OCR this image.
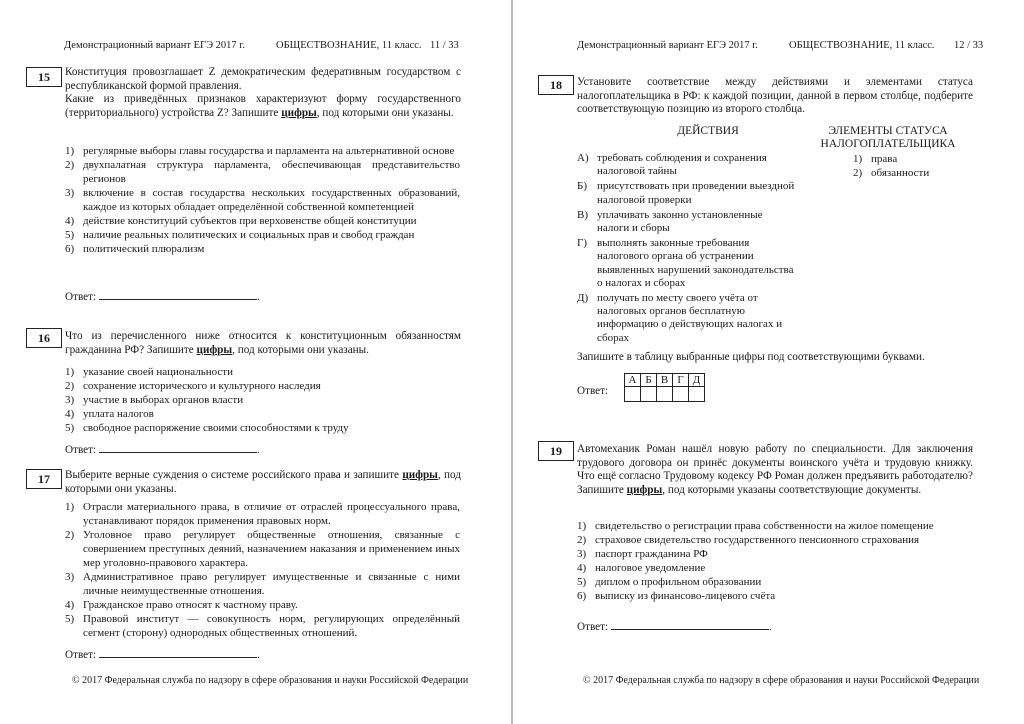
Демонстрационный вариант ЕГЭ 2017 г.	ОБЩЕСТВОЗНАНИЕ, 11 класс. 11 / 33
15	Конституция провозглашает Z демократическим федеративным государством с республиканской формой правления.
Какие из приведённых признаков характеризуют форму государственного (территориального) устройства Z? Запишите цифры, под которыми они указаны.
1) регулярные выборы главы государства и парламента на альтернативной основе
2) двухпалатная структура парламента, обеспечивающая представительство регионов
3) включение в состав государства нескольких государственных образований, каждое из которых обладает определённой собственной компетенцией
4) действие конституций субъектов при верховенстве общей конституции
5) наличие реальных политических и социальных прав и свобод граждан
6) политический плюрализм
Ответ:	.
16	Что из перечисленного ниже относится к конституционным обязанностям гражданина РФ? Запишите цифры, под которыми они указаны.
1) указание своей национальности
2) сохранение исторического и культурного наследия
3) участие в выборах органов власти
4) уплата налогов
5) свободное распоряжение своими способностями к труду
Ответ:	.
17	Выберите верные суждения о системе российского права и запишите цифры, под которыми они указаны.
1) Отрасли материального права, в отличие от отраслей процессуального права, устанавливают порядок применения правовых норм.
2) Уголовное право регулирует общественные отношения, связанные с совершением преступных деяний, назначением наказания и применением иных мер уголовно-правового характера.
3) Административное право регулирует имущественные и связанные с ними личные неимущественные отношения.
4) Гражданское право относят к частному праву.
5) Правовой институт — совокупность норм, регулирующих определённый сегмент (сторону) однородных общественных отношений.
Ответ:	.
© 2017 Федеральная служба по надзору в сфере образования и науки Российской Федерации
Демонстрационный вариант ЕГЭ 2017 г.	ОБЩЕСТВОЗНАНИЕ, 11 класс. 12 / 33
18	Установите соответствие между действиями и элементами статуса налогоплательщика в РФ: к каждой позиции, данной в первом столбце, подберите соответствующую позицию из второго столбца.
ДЕЙСТВИЯ	ЭЛЕМЕНТЫ СТАТУСА НАЛОГОПЛАТЕЛЬЩИКА
А) требовать соблюдения и сохранения налоговой тайны
Б) присутствовать при проведении выездной налоговой проверки
В) уплачивать законно установленные налоги и сборы
Г) выполнять законные требования налогового органа об устранении выявленных нарушений законодательства о налогах и сборах
Д) получать по месту своего учёта от налоговых органов бесплатную информацию о действующих налогах и сборах
1) права
2) обязанности
Запишите в таблицу выбранные цифры под соответствующими буквами.
Ответ:
А	Б	В	Г	Д

19	Автомеханик Роман нашёл новую работу по специальности. Для заключения трудового договора он принёс документы воинского учёта и трудовую книжку. Что ещё согласно Трудовому кодексу РФ Роман должен предъявить работодателю? Запишите цифры, под которыми указаны соответствующие документы.
1) свидетельство о регистрации права собственности на жилое помещение
2) страховое свидетельство государственного пенсионного страхования
3) паспорт гражданина РФ
4) налоговое уведомление
5) диплом о профильном образовании
6) выписку из финансово-лицевого счёта
Ответ:	.
© 2017 Федеральная служба по надзору в сфере образования и науки Российской Федерации
